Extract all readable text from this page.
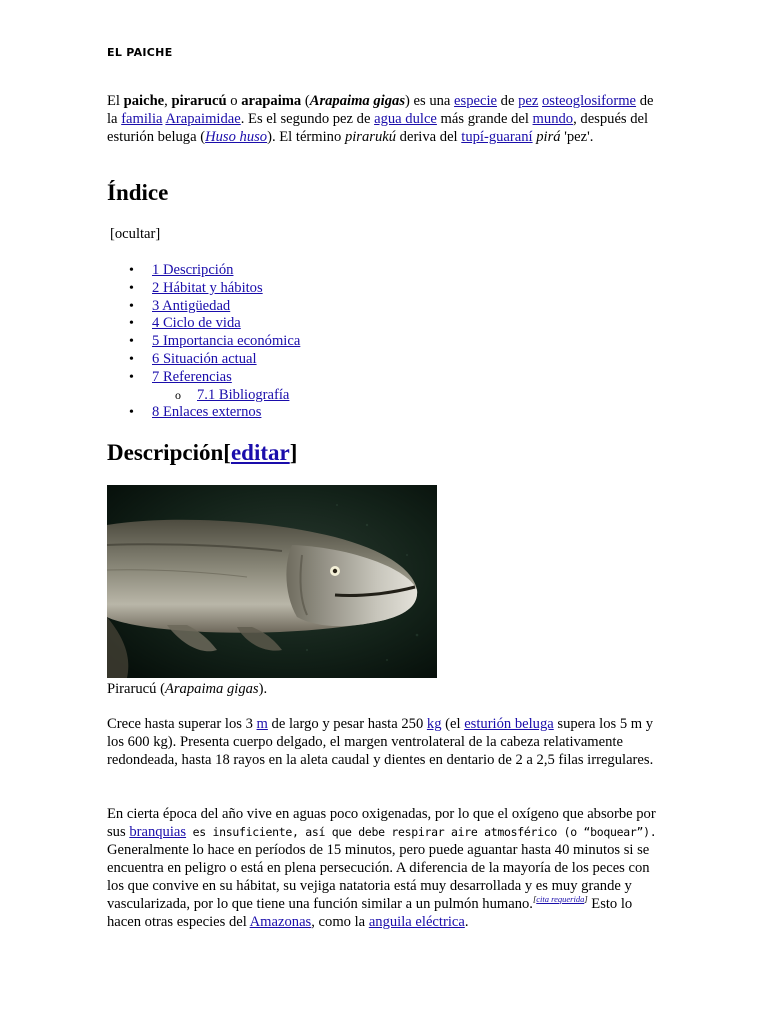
EL PAICHE

El paiche, pirarucú o arapaima (Arapaima gigas) es una especie de pez osteoglosiforme de la familia Arapaimidae. Es el segundo pez de agua dulce más grande del mundo, después del esturión beluga (Huso huso). El término pirarukú deriva del tupí-guaraní pirá 'pez'.

Índice
[ocultar]
• 1 Descripción
• 2 Hábitat y hábitos
• 3 Antigüedad
• 4 Ciclo de vida
• 5 Importancia económica
• 6 Situación actual
• 7 Referencias
o 7.1 Bibliografía
• 8 Enlaces externos
Descripción[editar]

Pirarucú (Arapaima gigas).

Crece hasta superar los 3 m de largo y pesar hasta 250 kg (el esturión beluga supera los 5 m y los 600 kg). Presenta cuerpo delgado, el margen ventrolateral de la cabeza relativamente redondeada, hasta 18 rayos en la aleta caudal y dientes en dentario de 2 a 2,5 filas irregulares.

En cierta época del año vive en aguas poco oxigenadas, por lo que el oxígeno que absorbe por sus branquias es insuficiente, así que debe respirar aire atmosférico (o “boquear”). Generalmente lo hace en períodos de 15 minutos, pero puede aguantar hasta 40 minutos si se encuentra en peligro o está en plena persecución. A diferencia de la mayoría de los peces con los que convive en su hábitat, su vejiga natatoria está muy desarrollada y es muy grande y vascularizada, por lo que tiene una función similar a un pulmón humano.[cita requerida] Esto lo hacen otras especies del Amazonas, como la anguila eléctrica.
